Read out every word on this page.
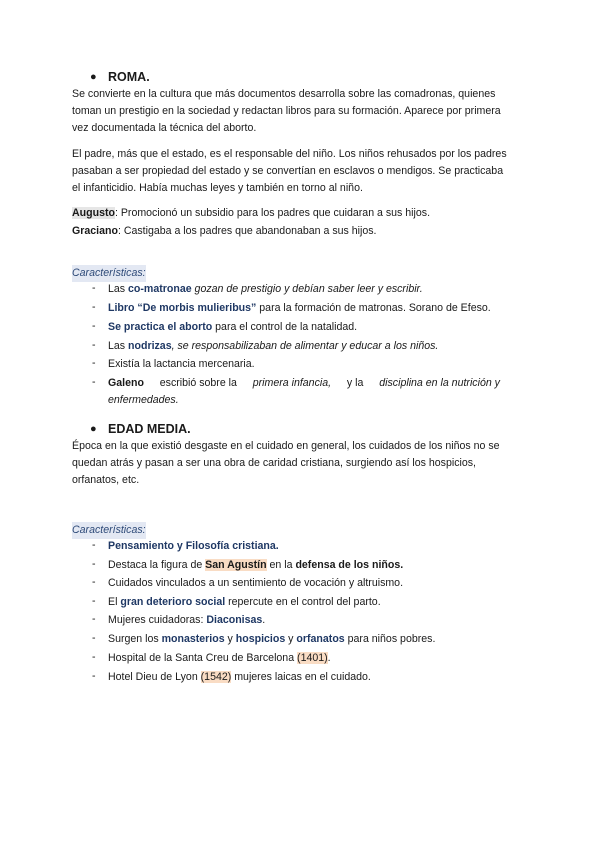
● ROMA.
Se convierte en la cultura que más documentos desarrolla sobre las comadronas, quienes
toman un prestigio en la sociedad y redactan libros para su formación. Aparece por primera
vez documentada la técnica del aborto.
El padre, más que el estado, es el responsable del niño. Los niños rehusados por los padres
pasaban a ser propiedad del estado y se convertían en esclavos o mendigos. Se practicaba
el infanticidio. Había muchas leyes y también en torno al niño.
Augusto: Promocionó un subsidio para los padres que cuidaran a sus hijos.
Graciano: Castigaba a los padres que abandonaban a sus hijos.
Características:
- Las co-matronae gozan de prestigio y debían saber leer y escribir.
- Libro “De morbis mulieribus” para la formación de matronas. Sorano de Efeso.
- Se practica el aborto para el control de la natalidad.
- Las nodrizas, se responsabilizaban de alimentar y educar a los niños.
- Existía la lactancia mercenaria.
- Galeno escribió sobre la primera infancia, y la disciplina en la nutrición y
enfermedades.
● EDAD MEDIA.
Época en la que existió desgaste en el cuidado en general, los cuidados de los niños no se
quedan atrás y pasan a ser una obra de caridad cristiana, surgiendo así los hospicios,
orfanatos, etc.
Características:
- Pensamiento y Filosofía cristiana.
- Destaca la figura de San Agustín en la defensa de los niños.
- Cuidados vinculados a un sentimiento de vocación y altruismo.
- El gran deterioro social repercute en el control del parto.
- Mujeres cuidadoras: Diaconisas.
- Surgen los monasterios y hospicios y orfanatos para niños pobres.
- Hospital de la Santa Creu de Barcelona (1401).
- Hotel Dieu de Lyon (1542) mujeres laicas en el cuidado.
